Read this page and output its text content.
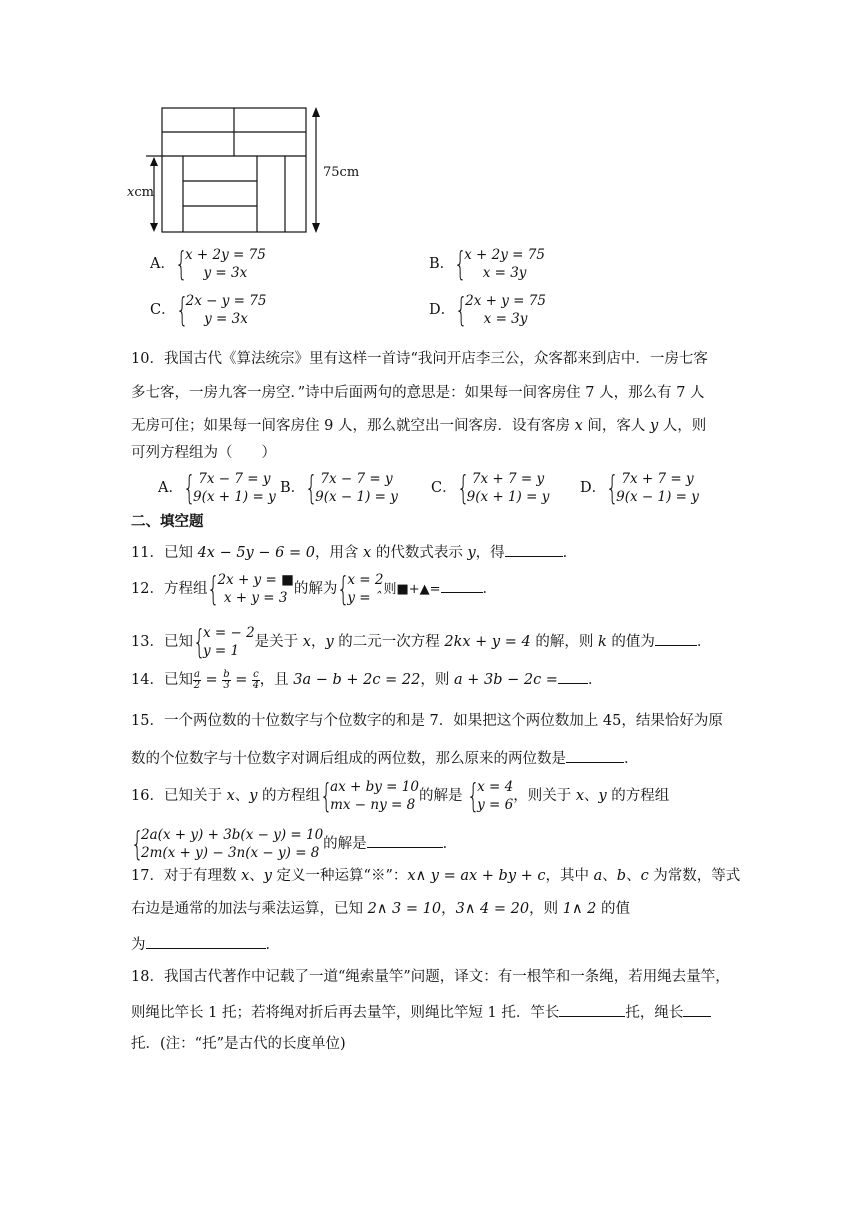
75cm
xcm
A． {
x + 2y = 75
y = 3x
B． {
x + 2y = 75
x = 3y
C． {
2x − y = 75
y = 3x
D． {
2x + y = 75
x = 3y
10．我国古代《算法统宗》里有这样一首诗“我问开店李三公，众客都来到店中．一房七客
多七客，一房九客一房空．”诗中后面两句的意思是：如果每一间客房住 7 人，那么有 7 人
无房可住；如果每一间客房住 9 人，那么就空出一间客房．设有客房 x 间，客人 y 人，则
可列方程组为（　　）
A． { 7x − 7 = y
9(x + 1) = y
B． { 7x − 7 = y
9(x − 1) = y
C． { 7x + 7 = y
9(x + 1) = y
D． { 7x + 7 = y
9(x − 1) = y
二、填空题
11．已知 4x − 5y − 6 = 0，用含 x 的代数式表示 y，得	．
12．方程组 {
2x + y = ■
x + y = 3
的解为 {
x = 2
y = ˆ
则■+▲=	．
13．已知 {
x = − 2
y = 1
是关于 x，y 的二元一次方程 2kx + y = 4 的解，则 k 的值为	．
14．已知 $\frac{a}{2} = \frac{b}{3} = \frac{c}{4}$ ，且 3a − b + 2c = 22，则 a + 3b − 2c = ．
15．一个两位数的十位数字与个位数字的和是 7．如果把这个两位数加上 45，结果恰好为原
数的个位数字与十位数字对调后组成的两位数，那么原来的两位数是	．
16．已知关于 x、y 的方程组 {
ax + by = 10
mx − ny = 8
的解是 {
x = 4
y = 6
，则关于 x、y 的方程组
{
2a(x + y) + 3b(x − y) = 10
2m(x + y) − 3n(x − y) = 8
的解是	．
17．对于有理数 x、y 定义一种运算“※”：x∧ y = ax + by + c，其中 a、b、c 为常数，等式
右边是通常的加法与乘法运算，已知 2∧ 3 = 10，3∧ 4 = 20，则 1∧ 2 的值
为	．
18．我国古代著作中记载了一道“绳索量竿”问题，译文：有一根竿和一条绳，若用绳去量竿，
则绳比竿长 1 托；若将绳对折后再去量竿，则绳比竿短 1 托．竿长	托，绳长
托．(注：“托”是古代的长度单位)
